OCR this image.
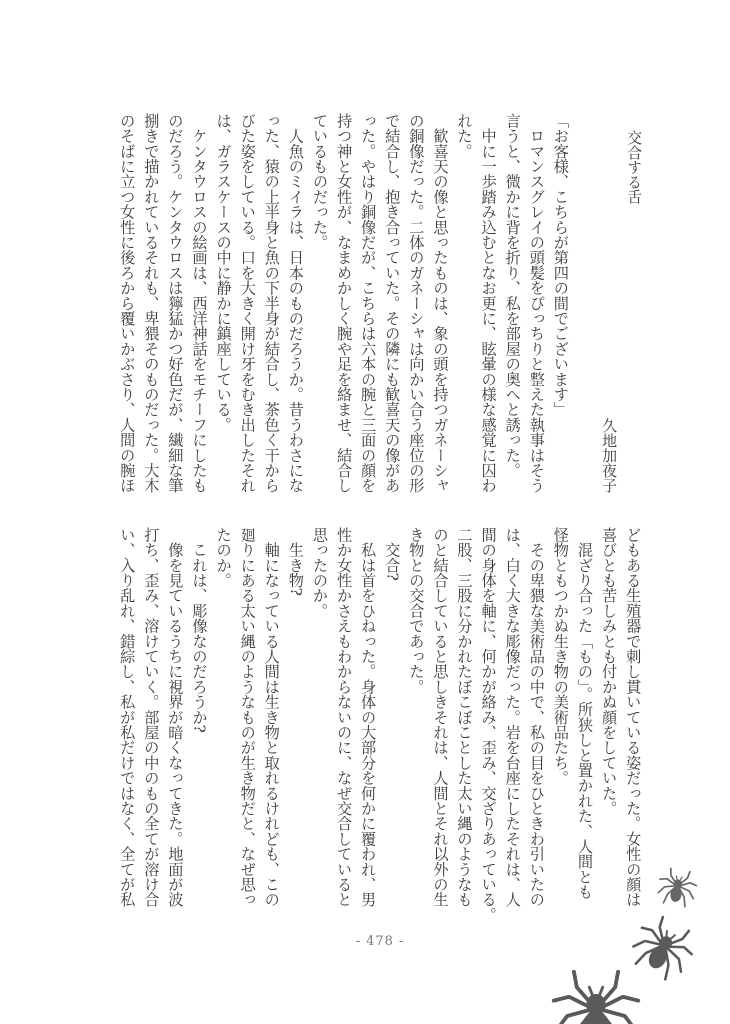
交合する舌
久地加夜子
「お客様、こちらが第四の間でございます」
　ロマンスグレイの頭髪をぴっちりと整えた執事はそう
言うと、微かに背を折り、私を部屋の奥へと誘った。
　中に一歩踏み込むとなお更に、眩暈の様な感覚に囚わ
れた。
　歓喜天の像と思ったものは、象の頭を持つガネーシャ
の銅像だった。二体のガネーシャは向かい合う座位の形
で結合し、抱き合っていた。その隣にも歓喜天の像があ
った。やはり銅像だが、こちらは六本の腕と三面の顔を
持つ神と女性が、なまめかしく腕や足を絡ませ、結合し
ているものだった。
　人魚のミイラは、日本のものだろうか。昔うわさにな
った、猿の上半身と魚の下半身が結合し、茶色く干から
びた姿をしている。口を大きく開け牙をむき出したそれ
は、ガラスケースの中に静かに鎮座している。
　ケンタウロスの絵画は、西洋神話をモチーフにしたも
のだろう。ケンタウロスは獰猛かつ好色だが、繊細な筆
捌きで描かれているそれも、卑猥そのものだった。大木
のそばに立つ女性に後ろから覆いかぶさり、人間の腕ほ
どもある生殖器で刺し貫いている姿だった。女性の顔は
喜びとも苦しみとも付かぬ顔をしていた。
　混ざり合った「もの」。所狭しと置かれた、人間とも
怪物ともつかぬ生き物の美術品たち。
　その卑猥な美術品の中で、私の目をひときわ引いたの
は、白く大きな彫像だった。岩を台座にしたそれは、人
間の身体を軸に、何かが絡み、歪み、交ざりあっている。
二股、三股に分かれたぼこぼことした太い縄のようなも
のと結合していると思しきそれは、人間とそれ以外の生
き物との交合であった。
　交合?
　私は首をひねった。身体の大部分を何かに覆われ、男
性か女性かさえもわからないのに、なぜ交合していると
思ったのか。
　生き物?
　軸になっている人間は生き物と取れるけれども、この
廻りにある太い縄のようなものが生き物だと、なぜ思っ
たのか。
　これは、彫像なのだろうか?
　像を見ているうちに視界が暗くなってきた。地面が波
打ち、歪み、溶けていく。部屋の中のもの全てが溶け合
い、入り乱れ、錯綜し、私が私だけではなく、全てが私
- 478 -
